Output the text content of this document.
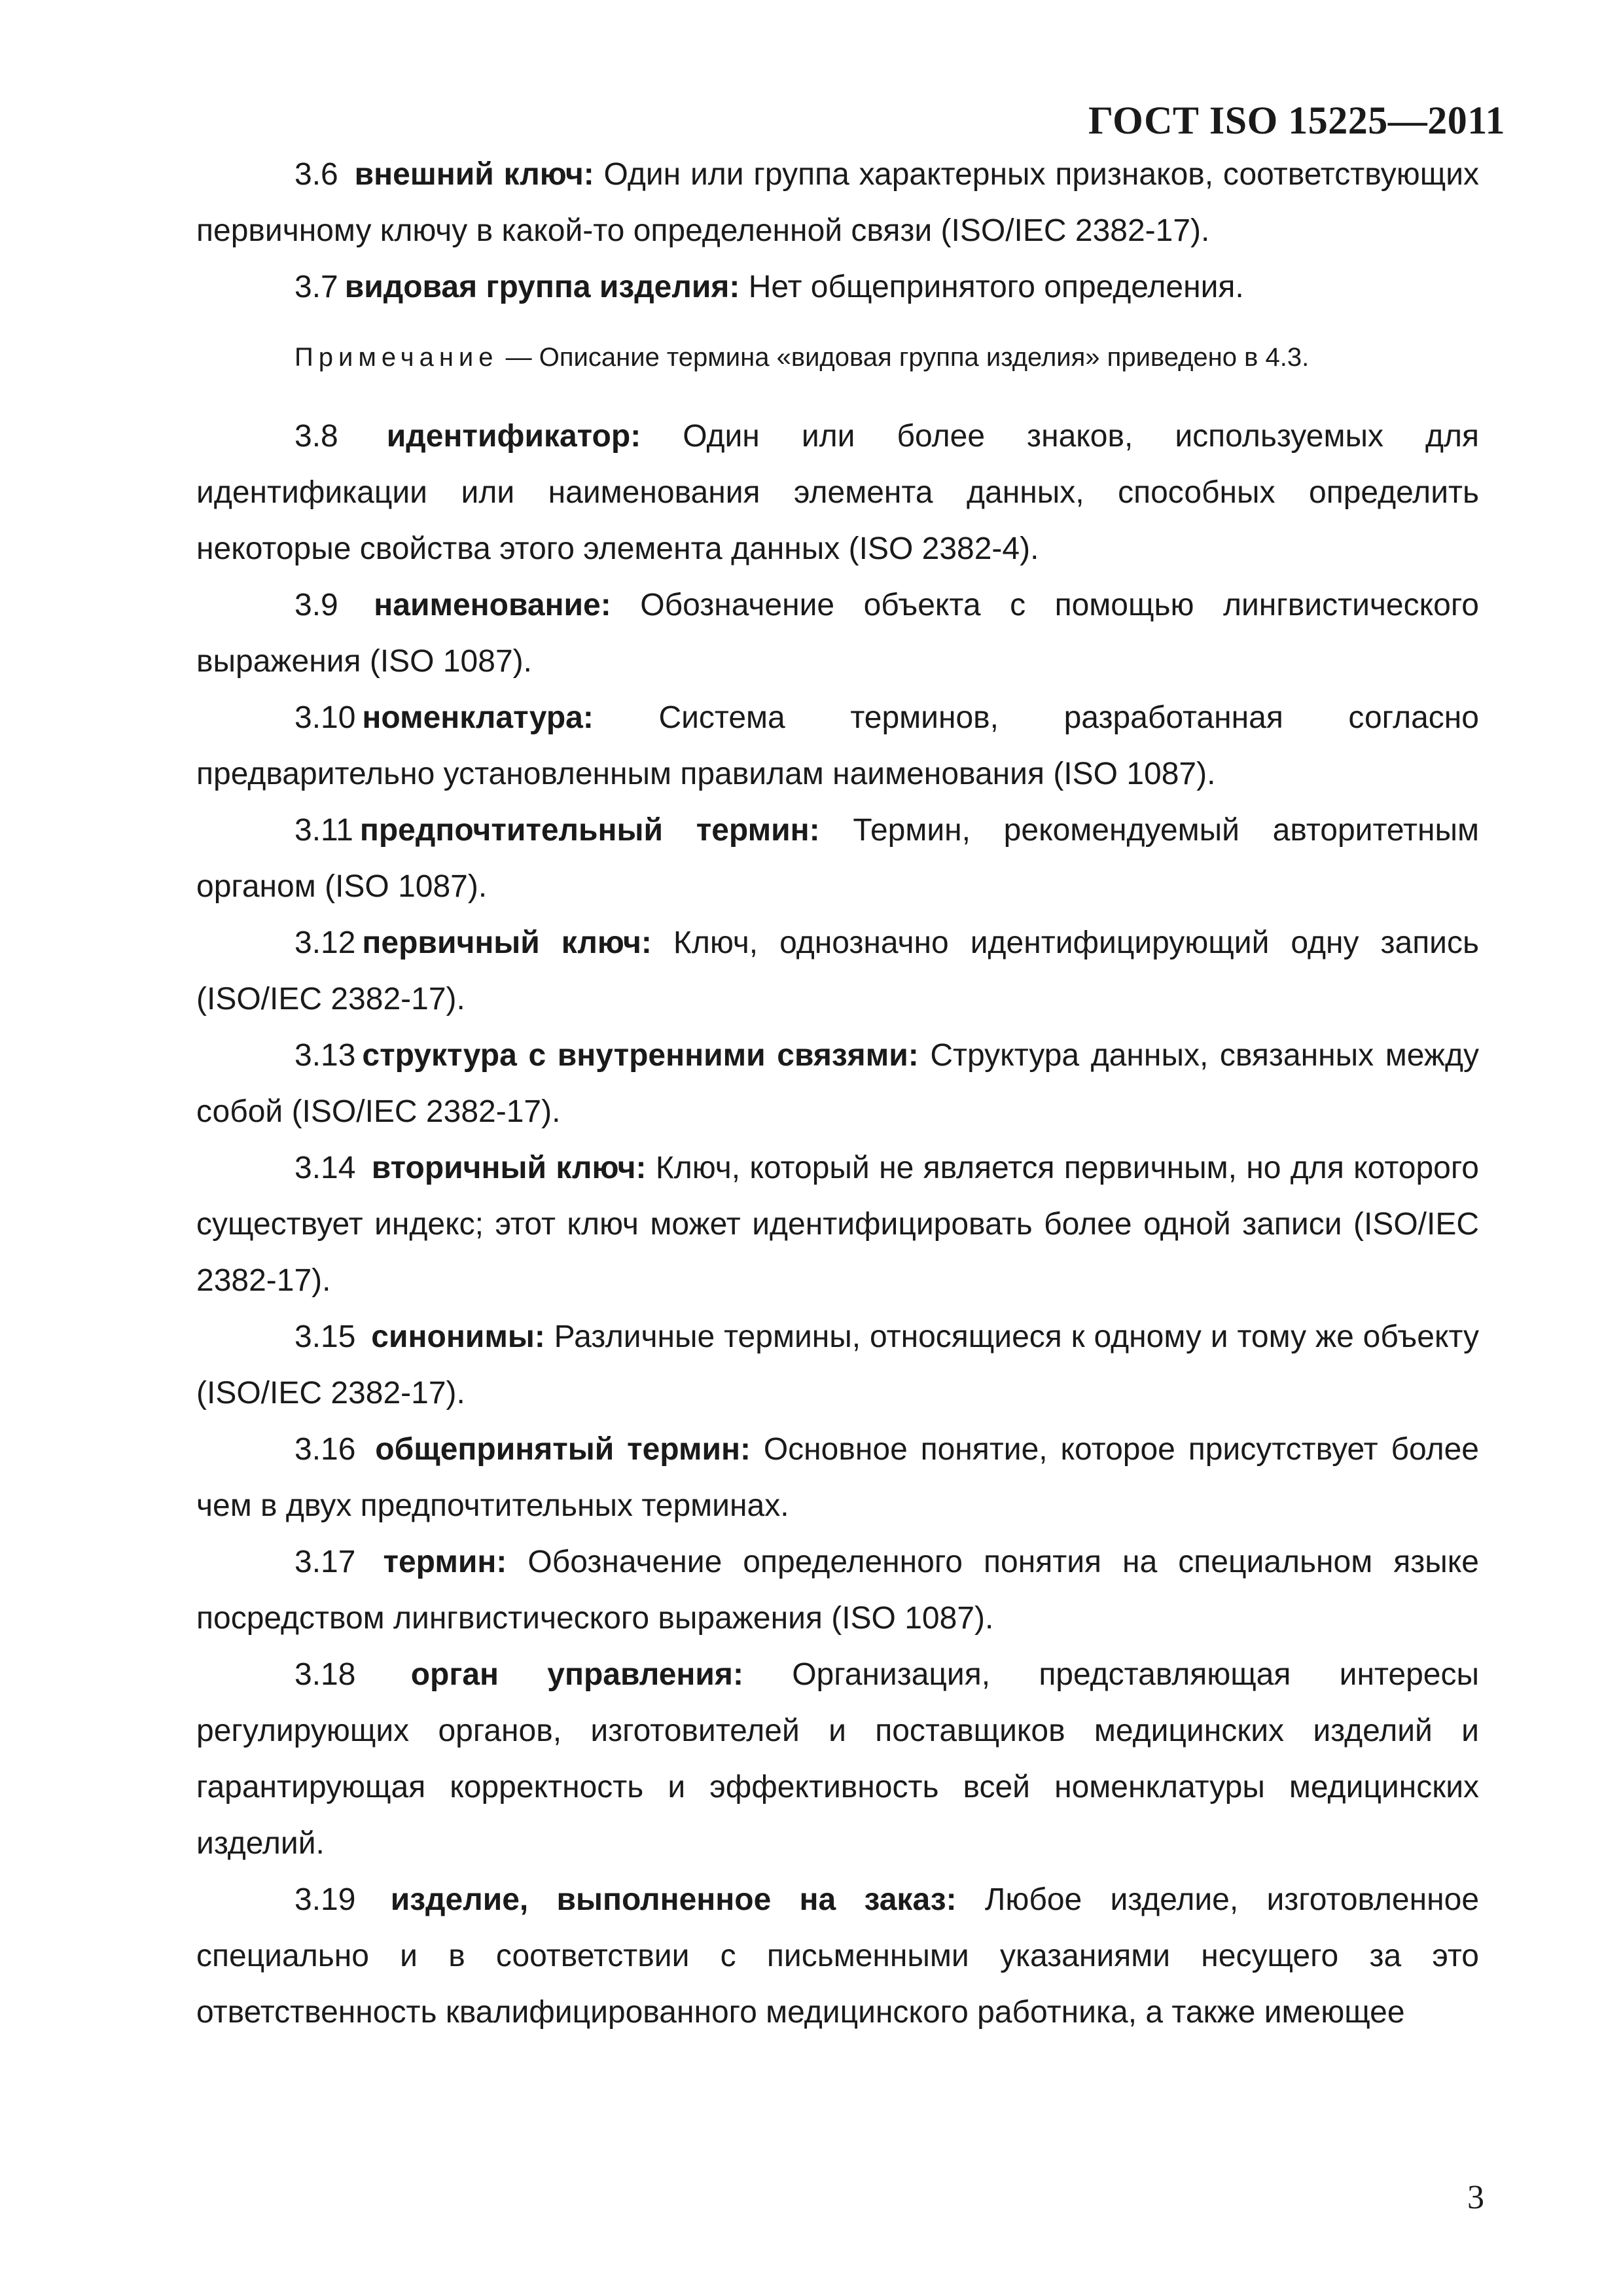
ГОСТ ISO 15225—2011

3.6 внешний ключ: Один или группа характерных признаков, соответствующих первичному ключу в какой-то определенной связи (ISO/IEC 2382-17).

3.7 видовая группа изделия: Нет общепринятого определения.

Примечание — Описание термина «видовая группа изделия» приведено в 4.3.

3.8 идентификатор: Один или более знаков, используемых для идентификации или наименования элемента данных, способных определить некоторые свойства этого элемента данных (ISO 2382-4).

3.9 наименование: Обозначение объекта с помощью лингвистического выражения (ISO 1087).

3.10 номенклатура: Система терминов, разработанная согласно предварительно установленным правилам наименования (ISO 1087).

3.11 предпочтительный термин: Термин, рекомендуемый авторитетным органом (ISO 1087).

3.12 первичный ключ: Ключ, однозначно идентифицирующий одну запись (ISO/IEC 2382-17).

3.13 структура с внутренними связями: Структура данных, связанных между собой (ISO/IEC 2382-17).

3.14 вторичный ключ: Ключ, который не является первичным, но для которого существует индекс; этот ключ может идентифицировать более одной записи (ISO/IEC 2382-17).

3.15 синонимы: Различные термины, относящиеся к одному и тому же объекту (ISO/IEC 2382-17).

3.16 общепринятый термин: Основное понятие, которое присутствует более чем в двух предпочтительных терминах.

3.17 термин: Обозначение определенного понятия на специальном языке посредством лингвистического выражения (ISO 1087).

3.18 орган управления: Организация, представляющая интересы регулирующих органов, изготовителей и поставщиков медицинских изделий и гарантирующая корректность и эффективность всей номенклатуры медицинских изделий.

3.19 изделие, выполненное на заказ: Любое изделие, изготовленное специально и в соответствии с письменными указаниями несущего за это ответственность квалифицированного медицинского работника, а также имеющее

3
